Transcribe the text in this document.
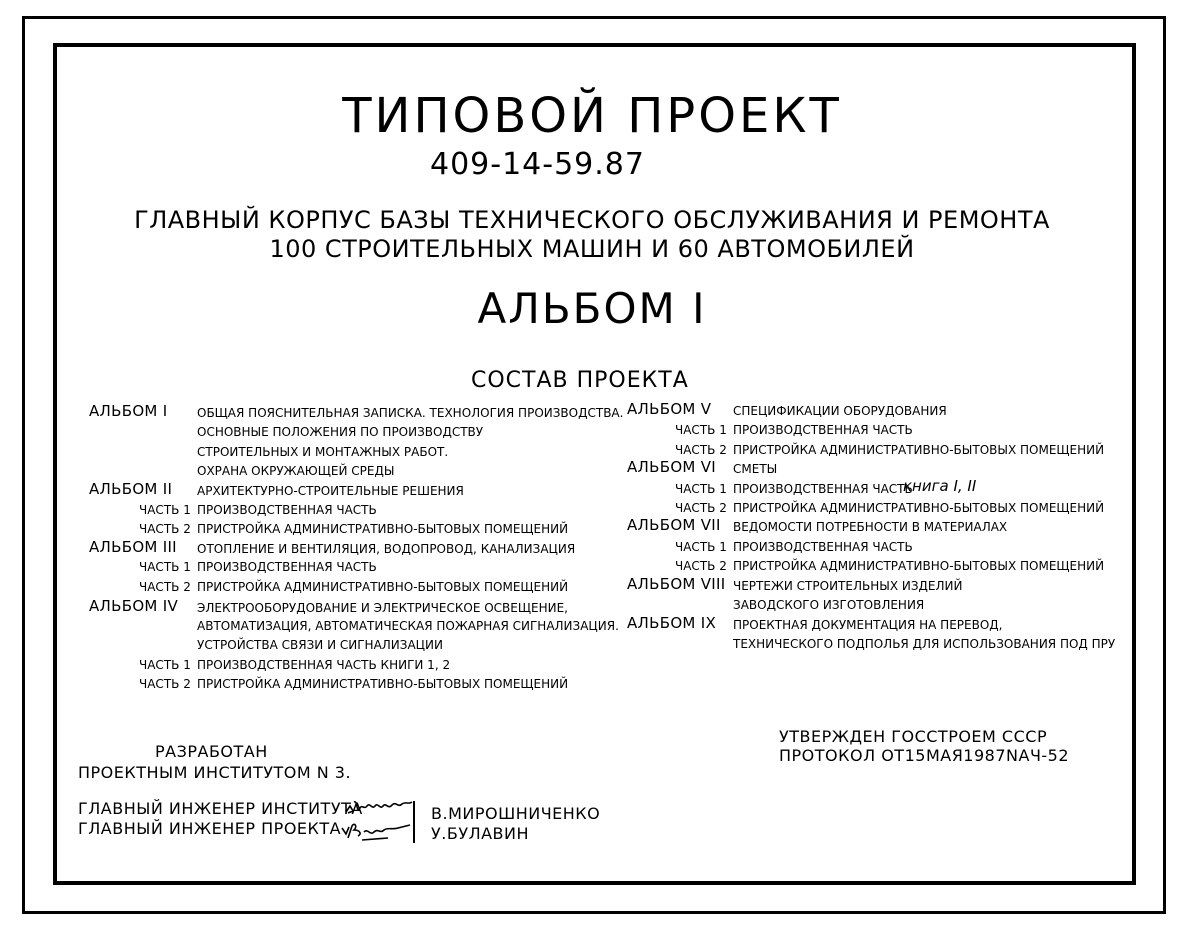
ТИПОВОЙ ПРОЕКТ
409-14-59.87
ГЛАВНЫЙ КОРПУС БАЗЫ ТЕХНИЧЕСКОГО ОБСЛУЖИВАНИЯ И РЕМОНТА
100 СТРОИТЕЛЬНЫХ МАШИН И 60 АВТОМОБИЛЕЙ
АЛЬБОМ I
СОСТАВ ПРОЕКТА
АЛЬБОМ I ОБЩАЯ ПОЯСНИТЕЛЬНАЯ ЗАПИСКА. ТЕХНОЛОГИЯ ПРОИЗВОДСТВА.
ОСНОВНЫЕ ПОЛОЖЕНИЯ ПО ПРОИЗВОДСТВУ
СТРОИТЕЛЬНЫХ И МОНТАЖНЫХ РАБОТ.
ОХРАНА ОКРУЖАЮЩЕЙ СРЕДЫ
АЛЬБОМ II АРХИТЕКТУРНО-СТРОИТЕЛЬНЫЕ РЕШЕНИЯ
ЧАСТЬ 1 ПРОИЗВОДСТВЕННАЯ ЧАСТЬ
ЧАСТЬ 2 ПРИСТРОЙКА АДМИНИСТРАТИВНО-БЫТОВЫХ ПОМЕЩЕНИЙ
АЛЬБОМ III ОТОПЛЕНИЕ И ВЕНТИЛЯЦИЯ, ВОДОПРОВОД, КАНАЛИЗАЦИЯ
ЧАСТЬ 1 ПРОИЗВОДСТВЕННАЯ ЧАСТЬ
ЧАСТЬ 2 ПРИСТРОЙКА АДМИНИСТРАТИВНО-БЫТОВЫХ ПОМЕЩЕНИЙ
АЛЬБОМ IV ЭЛЕКТРООБОРУДОВАНИЕ И ЭЛЕКТРИЧЕСКОЕ ОСВЕЩЕНИЕ,
АВТОМАТИЗАЦИЯ, АВТОМАТИЧЕСКАЯ ПОЖАРНАЯ СИГНАЛИЗАЦИЯ.
УСТРОЙСТВА СВЯЗИ И СИГНАЛИЗАЦИИ
ЧАСТЬ 1 ПРОИЗВОДСТВЕННАЯ ЧАСТЬ КНИГИ 1, 2
ЧАСТЬ 2 ПРИСТРОЙКА АДМИНИСТРАТИВНО-БЫТОВЫХ ПОМЕЩЕНИЙ
АЛЬБОМ V СПЕЦИФИКАЦИИ ОБОРУДОВАНИЯ
ЧАСТЬ 1 ПРОИЗВОДСТВЕННАЯ ЧАСТЬ
ЧАСТЬ 2 ПРИСТРОЙКА АДМИНИСТРАТИВНО-БЫТОВЫХ ПОМЕЩЕНИЙ
АЛЬБОМ VI СМЕТЫ
ЧАСТЬ 1 ПРОИЗВОДСТВЕННАЯ ЧАСТЬ
книга I, II
ЧАСТЬ 2 ПРИСТРОЙКА АДМИНИСТРАТИВНО-БЫТОВЫХ ПОМЕЩЕНИЙ
АЛЬБОМ VII ВЕДОМОСТИ ПОТРЕБНОСТИ В МАТЕРИАЛАХ
ЧАСТЬ 1 ПРОИЗВОДСТВЕННАЯ ЧАСТЬ
ЧАСТЬ 2 ПРИСТРОЙКА АДМИНИСТРАТИВНО-БЫТОВЫХ ПОМЕЩЕНИЙ
АЛЬБОМ VIII ЧЕРТЕЖИ СТРОИТЕЛЬНЫХ ИЗДЕЛИЙ
ЗАВОДСКОГО ИЗГОТОВЛЕНИЯ
АЛЬБОМ IX ПРОЕКТНАЯ ДОКУМЕНТАЦИЯ НА ПЕРЕВОД,
ТЕХНИЧЕСКОГО ПОДПОЛЬЯ ДЛЯ ИСПОЛЬЗОВАНИЯ ПОД ПРУ
РАЗРАБОТАН
ПРОЕКТНЫМ ИНСТИТУТОМ N 3.
УТВЕРЖДЕН ГОССТРОЕМ СССР
ПРОТОКОЛ ОТ15МАЯ1987NАЧ-52
ГЛАВНЫЙ ИНЖЕНЕР ИНСТИТУТА
ГЛАВНЫЙ ИНЖЕНЕР ПРОЕКТА
В.МИРОШНИЧЕНКО
У.БУЛАВИН
